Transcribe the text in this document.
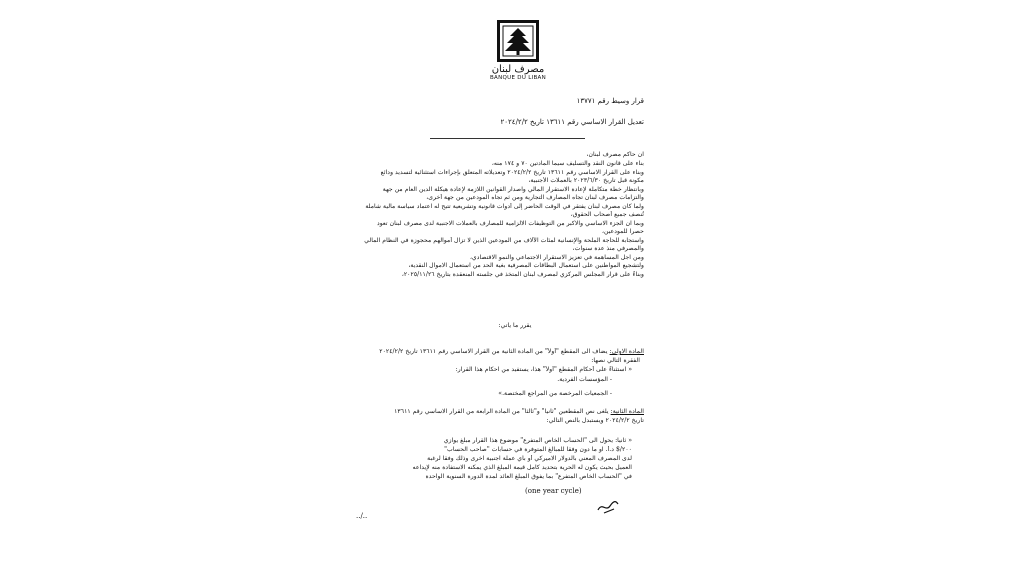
مصرف لبنان
BANQUE DU LIBAN
قرار وسيط رقم ١٣٧٧١
تعديل القرار الاساسي رقم ١٣٦١١ تاريخ ٢٠٢٤/٢/٢
ان حاكم مصرف لبنان،
بناء على قانون النقد والتسليف سيما المادتين ٧٠ و ١٧٤ منه،
وبناء على القرار الاساسي رقم ١٣٦١١ تاريخ ٢٠٢٤/٢/٢ وتعديلاته المتعلق بإجراءات استثنائية لتسديد ودائع
مكونة قبل تاريخ ٢٠٢٣/٦/٣٠ بالعملات الأجنبية،
وبانتظار خطة متكاملة لإعادة الاستقرار المالي واصدار القوانين اللازمة لإعادة هيكلة الدين العام من جهة
والتزامات مصرف لبنان تجاه المصارف التجارية ومن ثم تجاه المودعين من جهة أخرى،
ولما كان مصرف لبنان يفتقر في الوقت الحاضر إلى أدوات قانونية وتشريعية تتيح له اعتماد سياسة مالية شاملة
تُنصف جميع أصحاب الحقوق،
وبما ان الجزء الاساسي والاكبر من التوظيفات الالزامية للمصارف بالعملات الاجنبية لدى مصرف لبنان تعود
حصراً للمودعين،
واستجابة للحاجة الملحة والإنسانية لمئات الآلاف من المودعين الذين لا تزال أموالهم محجوزة في النظام المالي
والمصرفي منذ عدة سنوات،
ومن اجل المساهمة في تعزيز الاستقرار الاجتماعي والنمو الاقتصادي،
ولتشجيع المواطنين على استعمال البطاقات المصرفية بغية الحد من استعمال الاموال النقدية،
وبناءً على قرار المجلس المركزي لمصرف لبنان المتخذ في جلسته المنعقدة بتاريخ ٢٠٢٥/١١/٢٦،
يقرر ما يأتي:
المادة الاولى: يضاف الى المقطع "أولاً" من المادة الثانية من القرار الاساسي رقم ١٣٦١١ تاريخ ٢٠٢٤/٢/٢
الفقرة التالي نصها:
« استثناءً على أحكام المقطع "أولاً" هذا، يستفيد من احكام هذا القرار:
- المؤسسات الفردية.
- الجمعيات المرخصة من المراجع المختصة.»
المادة الثانية: يلغى نص المقطعين "ثانياً" و"ثالثاً" من المادة الرابعة من القرار الاساسي رقم ١٣٦١١
تاريخ ٢٠٢٤/٢/٢ ويستبدل بالنص التالي:
« ثانياً: يحول الى "الحساب الخاص المتفرع" موضوع هذا القرار مبلغ يوازي
٢٠٠/$ د.أ. او ما دون وفقاً للمبالغ المتوفرة في حسابات "صاحب الحساب"
لدى المصرف المعني بالدولار الاميركي أو بأي عملة اجنبية اخرى وذلك وفقاً لرغبة
العميل بحيث يكون له الحرية بتحديد كامل قيمة المبلغ الذي يمكنه الاستفادة منه لإيداعه
في "الحساب الخاص المتفرع" بما يفوق المبلغ العائد لمدة الدورة السنوية الواحدة
(one year cycle)
../..
